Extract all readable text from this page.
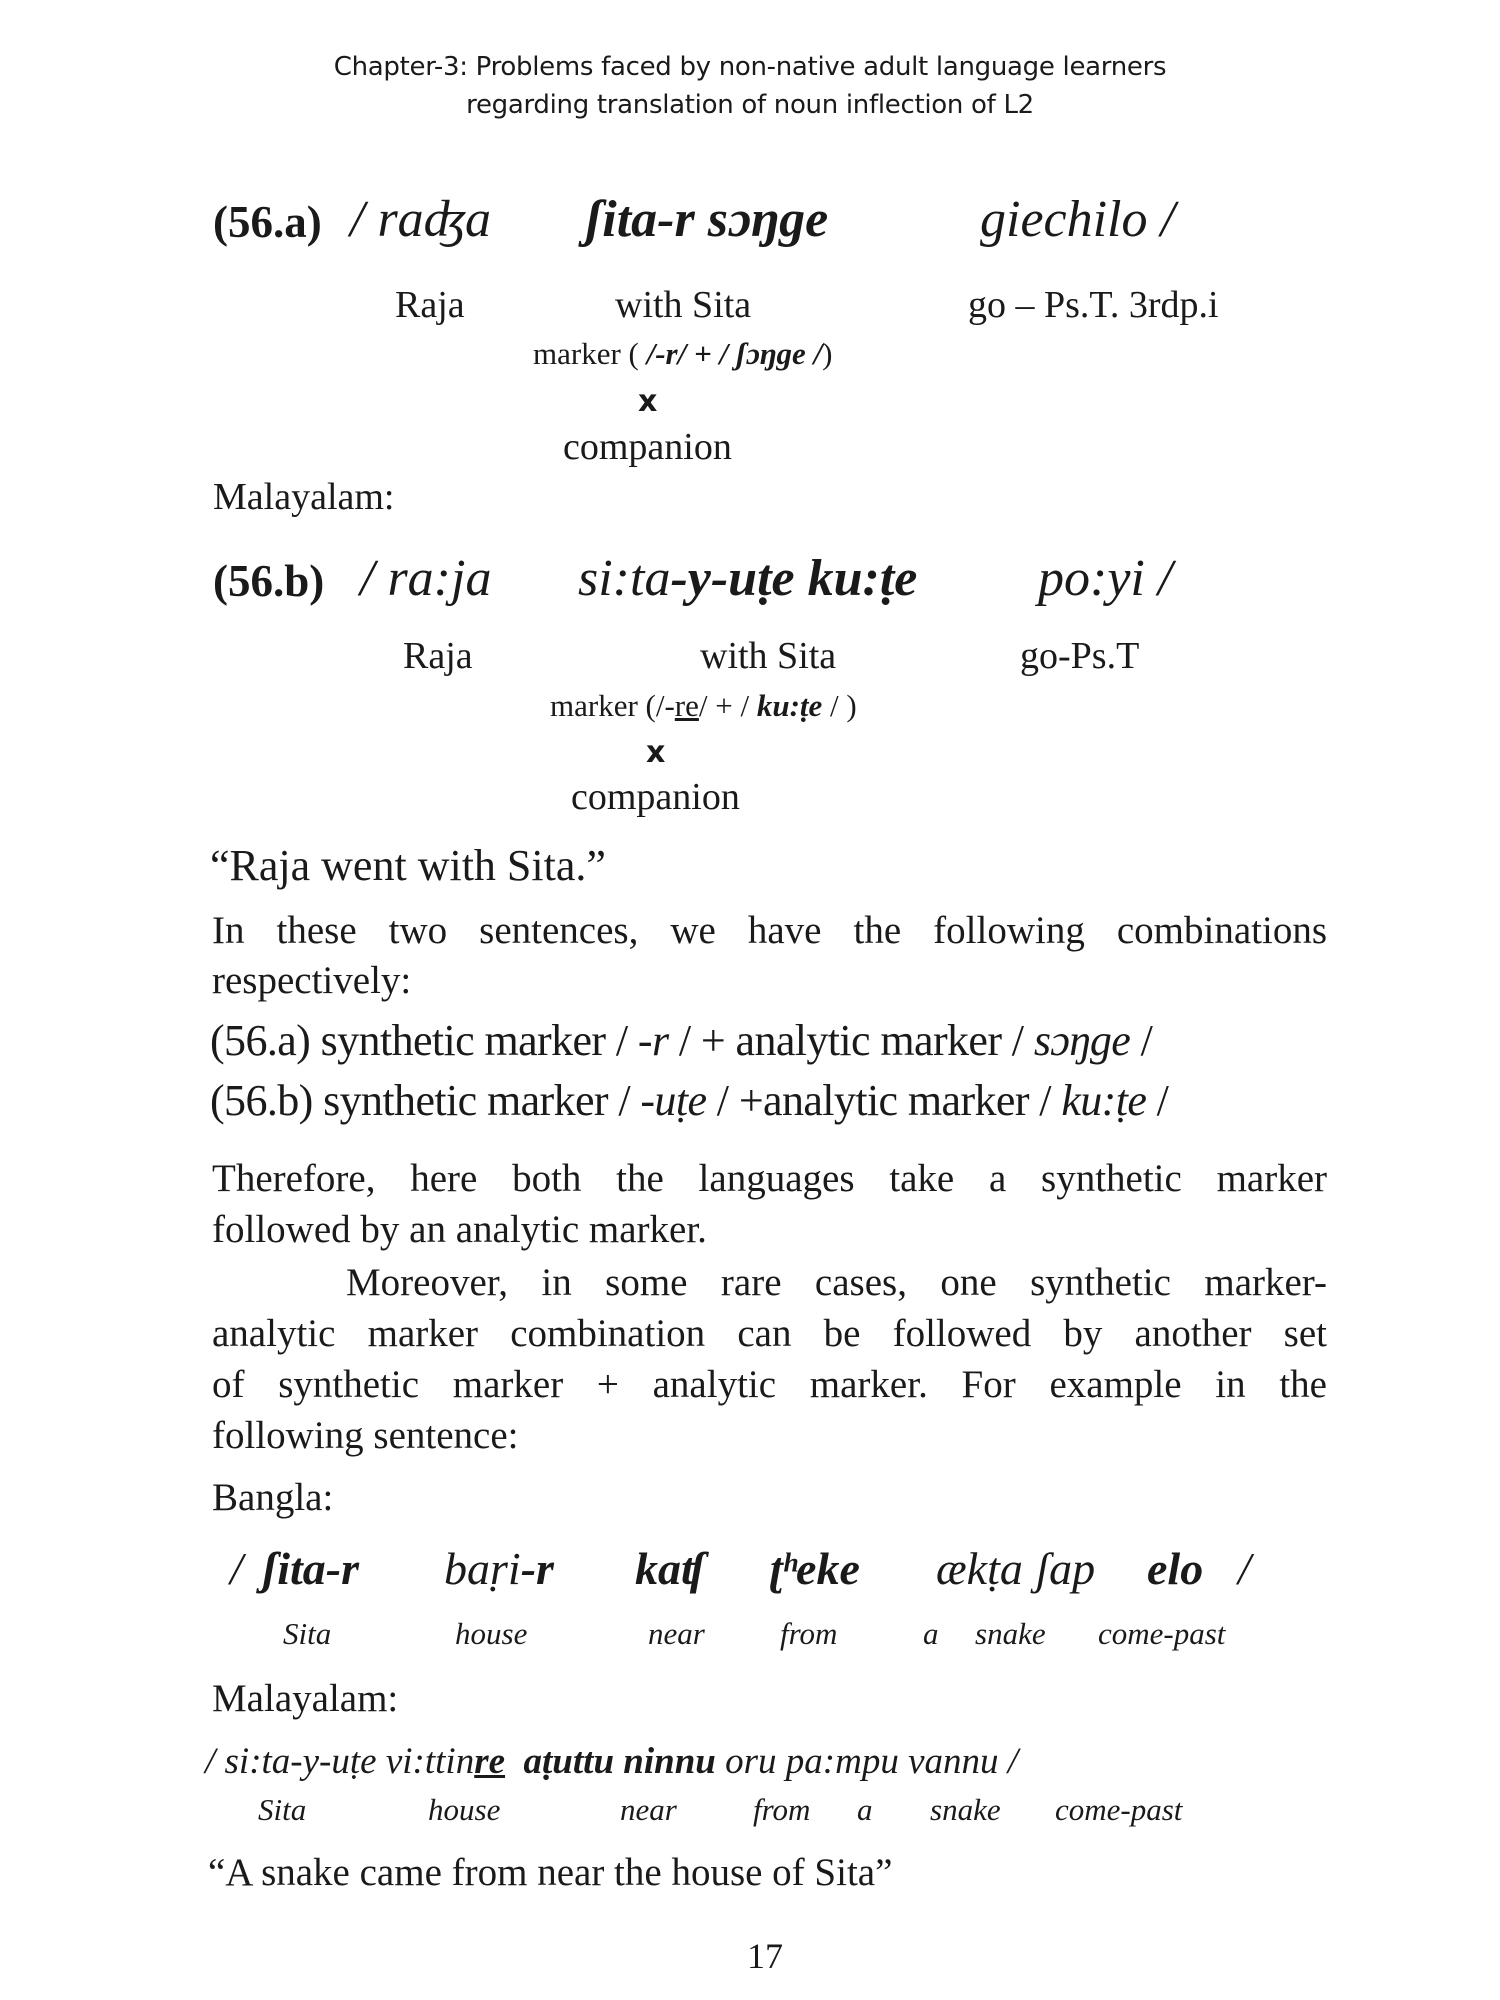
Chapter-3: Problems faced by non-native adult language learners
regarding translation of noun inflection of L2
(56.a) / raʤa ʃita-r sɔŋge	giechilo /
Raja	with Sita	go – Ps.T. 3rdp.i
marker ( /-r/ + / ʃɔŋge /)
x
companion
Malayalam:
(56.b) / ra:ja si:ta-y-uṭe ku:ṭe po:yi /
Raja	with Sita	go-Ps.T
marker (/-re/ + / ku:ṭe / )
x
companion
“Raja went with Sita.”
In these two sentences, we have the following combinations
respectively:
(56.a) synthetic marker / -r / + analytic marker / sɔŋge /
(56.b) synthetic marker / -uṭe / +analytic marker / ku:ṭe /
Therefore, here both the languages take a synthetic marker
followed by an analytic marker.
Moreover, in some rare cases, one synthetic marker-
analytic marker combination can be followed by another set
of synthetic marker + analytic marker. For example in the
following sentence:
Bangla:
/ ʃita-r baṛi-r kaʧ ʈʰeke ækṭa ʃap elo /
Sita	house	near from	a snake come-past
Malayalam:
/ si:ta-y-uṭe vi:ttinre aṭuttu ninnu oru pa:mpu vannu /
Sita	house	near from a snake come-past
“A snake came from near the house of Sita”
17
